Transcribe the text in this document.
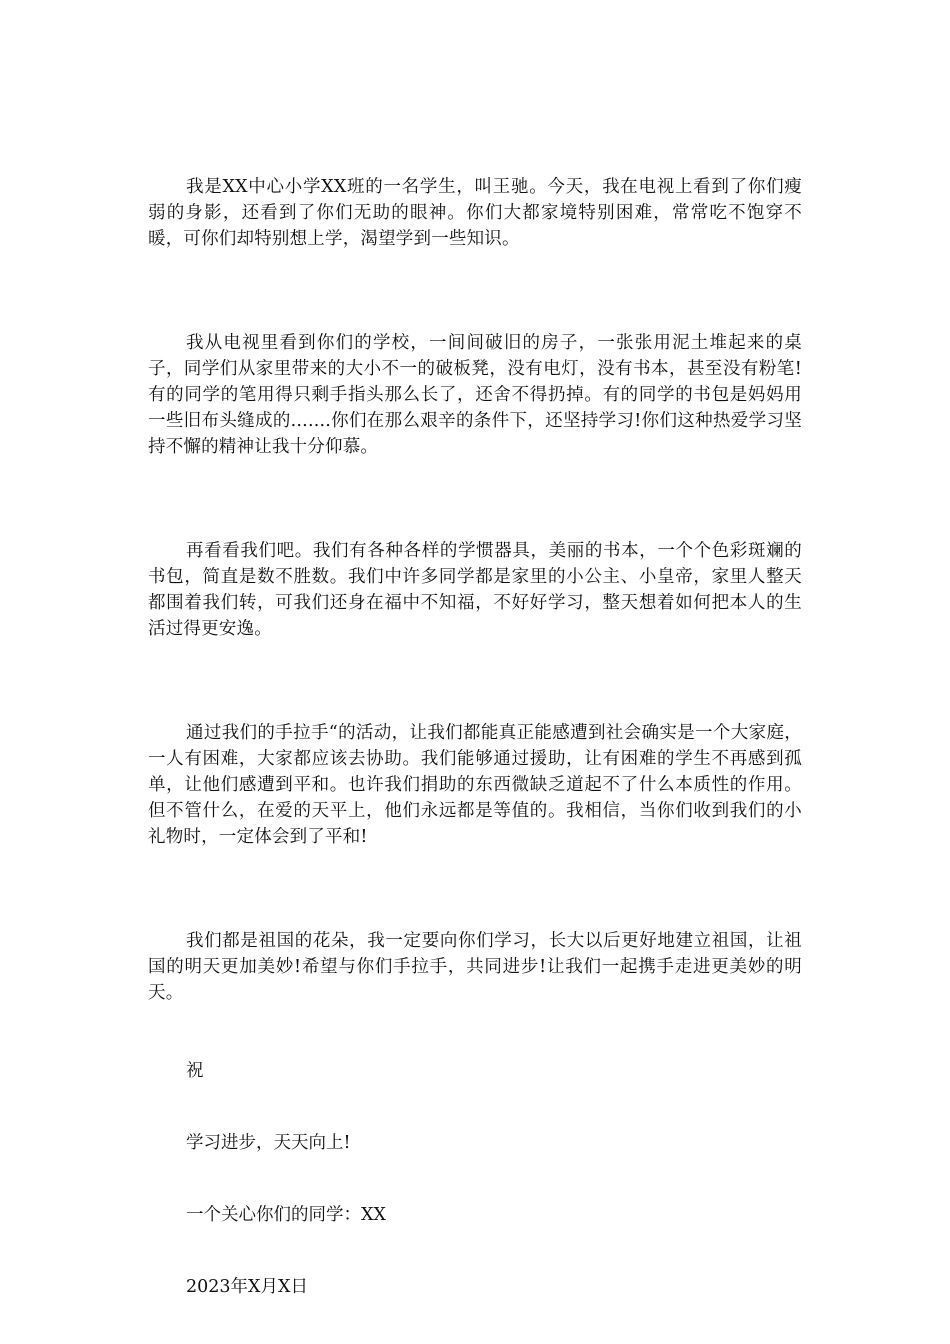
我是XX中心小学XX班的一名学生，叫王驰。今天，我在电视上看到了你们瘦弱的身影，还看到了你们无助的眼神。你们大都家境特别困难，常常吃不饱穿不暖，可你们却特别想上学，渴望学到一些知识。

我从电视里看到你们的学校，一间间破旧的房子，一张张用泥土堆起来的桌子，同学们从家里带来的大小不一的破板凳，没有电灯，没有书本，甚至没有粉笔!有的同学的笔用得只剩手指头那么长了，还舍不得扔掉。有的同学的书包是妈妈用一些旧布头缝成的.......你们在那么艰辛的条件下，还坚持学习!你们这种热爱学习坚持不懈的精神让我十分仰慕。

再看看我们吧。我们有各种各样的学惯器具，美丽的书本，一个个色彩斑斓的书包，简直是数不胜数。我们中许多同学都是家里的小公主、小皇帝，家里人整天都围着我们转，可我们还身在福中不知福，不好好学习，整天想着如何把本人的生活过得更安逸。

通过我们的手拉手“的活动，让我们都能真正能感遭到社会确实是一个大家庭，一人有困难，大家都应该去协助。我们能够通过援助，让有困难的学生不再感到孤单，让他们感遭到平和。也许我们捐助的东西微缺乏道起不了什么本质性的作用。但不管什么，在爱的天平上，他们永远都是等值的。我相信，当你们收到我们的小礼物时，一定体会到了平和!

我们都是祖国的花朵，我一定要向你们学习，长大以后更好地建立祖国，让祖国的明天更加美妙!希望与你们手拉手，共同进步!让我们一起携手走进更美妙的明天。

祝

学习进步，天天向上!

一个关心你们的同学：XX

2023年X月X日
